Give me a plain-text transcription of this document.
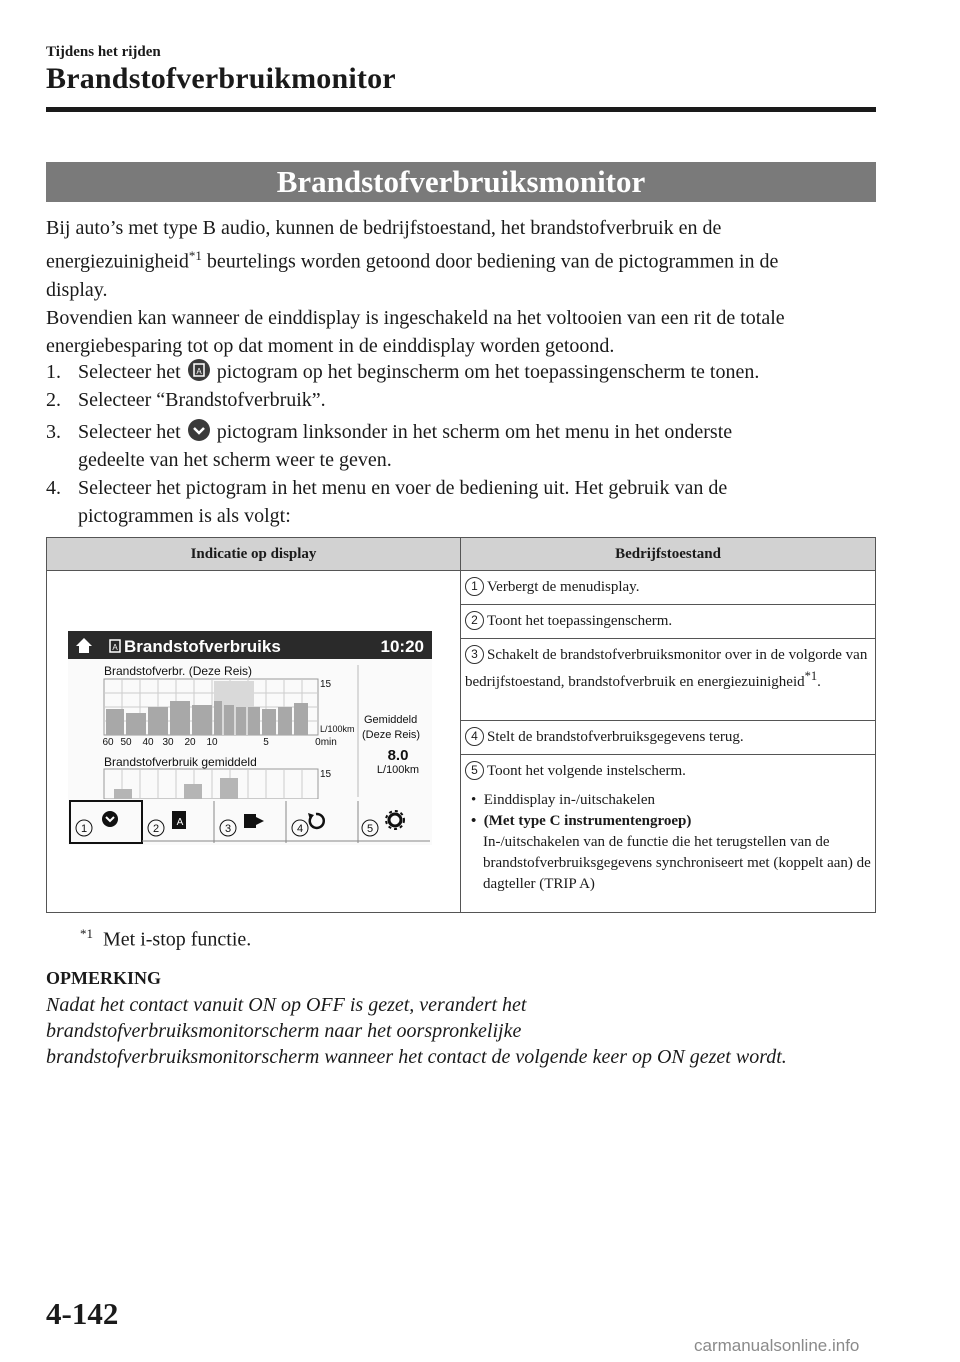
Tijdens het rijden
Brandstofverbruikmonitor
Brandstofverbruiksmonitor
Bij auto’s met type B audio, kunnen de bedrijfstoestand, het brandstofverbruik en de
energiezuinigheid$^{*1}$ beurtelings worden getoond door bediening van de pictogrammen in de
display.
Bovendien kan wanneer de einddisplay is ingeschakeld na het voltooien van een rit de totale
energiebesparing tot op dat moment in de einddisplay worden getoond.
1. Selecteer het A pictogram op het beginscherm om het toepassingenscherm te tonen.
2. Selecteer “Brandstofverbruik”.
3. Selecteer het pictogram linksonder in het scherm om het menu in het onderste
gedeelte van het scherm weer te geven.
4. Selecteer het pictogram in het menu en voer de bediening uit. Het gebruik van de
pictogrammen is als volgt:
Indicatie op display	Bedrijfstoestand
	1 Verbergt de menudisplay.
	2 Toont het toepassingenscherm.
	3 Schakelt de brandstofverbruiksmonitor over in de volgorde van bedrijfstoestand, brandstofverbruik en energiezuinigheid$^{*1}$.
	4 Stelt de brandstofverbruiksgegevens terug.
	5 Toont het volgende instelscherm.
•  Einddisplay in-/uitschakelen
•  (Met type C instrumentengroep)
In-/uitschakelen van de functie die het terugstellen van de brandstofverbruiksgegevens synchroniseert met (koppelt aan) de dagteller (TRIP A)
A Brandstofverbruiks	10:20
Brandstofverbr. (Deze Reis)
15
L/100km
60 50 40 30 20 10	5	0min
Gemiddeld
(Deze Reis)
8.0
L/100km
Brandstofverbruik gemiddeld
15
1	2	3	4	5
A
$^{*1}$ Met i-stop functie.
OPMERKING
Nadat het contact vanuit ON op OFF is gezet, verandert het
brandstofverbruiksmonitorscherm naar het oorspronkelijke
brandstofverbruiksmonitorscherm wanneer het contact de volgende keer op ON gezet wordt.
4-142
carmanualsonline.info
